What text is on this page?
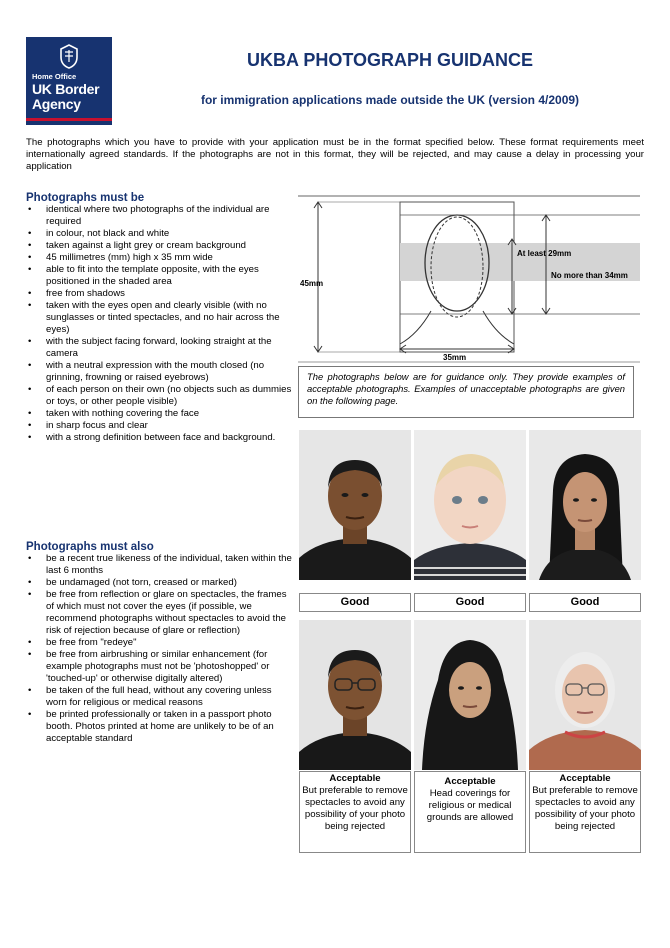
Home Office
UK Border Agency
UKBA PHOTOGRAPH GUIDANCE
for immigration applications made outside the UK (version 4/2009)
The photographs which you have to provide with your application must be in the format specified below. These format requirements meet internationally agreed standards. If the photographs are not in this format, they will be rejected, and may cause a delay in processing your application
Photographs must be
• identical where two photographs of the individual are required
• in colour, not black and white
• taken against a light grey or cream background
• 45 millimetres (mm) high x 35 mm wide
• able to fit into the template opposite, with the eyes positioned in the shaded area
• free from shadows
• taken with the eyes open and clearly visible (with no sunglasses or tinted spectacles, and no hair across the eyes)
• with the subject facing forward, looking straight at the camera
• with a neutral expression with the mouth closed (no grinning, frowning or raised eyebrows)
• of each person on their own (no objects such as dummies or toys, or other people visible)
• taken with nothing covering the face
• in sharp focus and clear
• with a strong definition between face and background.
Photographs must also
• be a recent true likeness of the individual, taken within the last 6 months
• be undamaged (not torn, creased or marked)
• be free from reflection or glare on spectacles, the frames of which must not cover the eyes (if possible, we recommend photographs without spectacles to avoid the risk of rejection because of glare or reflection)
• be free from "redeye"
• be free from airbrushing or similar enhancement (for example photographs must not be 'photoshopped' or 'touched-up' or otherwise digitally altered)
• be taken of the full head, without any covering unless worn for religious or medical reasons
• be printed professionally or taken in a passport photo booth. Photos printed at home are unlikely to be of an acceptable standard
45mm
35mm
At least 29mm
No more than 34mm
The photographs below are for guidance only. They provide examples of acceptable photographs. Examples of unacceptable photographs are given on the following page.
Good	Good	Good
Acceptable
But preferable to remove spectacles to avoid any possibility of your photo being rejected
Acceptable
Head coverings for religious or medical grounds are allowed
Acceptable
But preferable to remove spectacles to avoid any possibility of your photo being rejected
